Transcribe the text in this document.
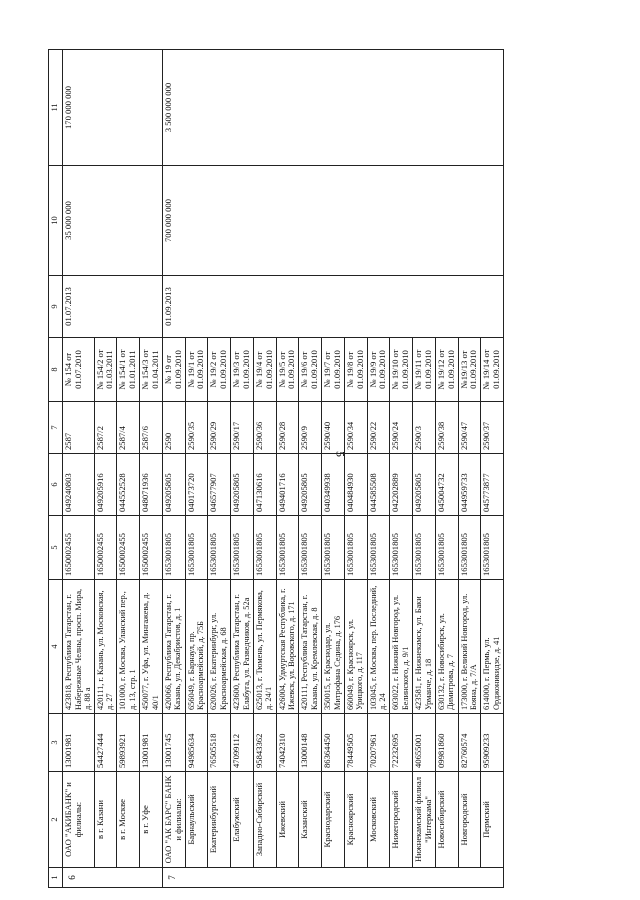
5
1	2	3	4	5	6	7	8	9	10	11
6	ОАО "АКИБАНК" и филиалы:	13001981	423818, Республика Татарстан, г. Набережные Челны, просп. Мира, д. 88 а	1650002455	049240803	2587	№ 154 от 01.07.2010	01.07.2013	35 000 000	170 000 000
	в г. Казани	54427444	420111, г. Казань, ул. Московская, д. 27	1650002455	049205916	2587/2	№ 154/2 от 01.03.2011			
	в г. Москве	59893921	101000, г. Москва, Уланский пер., д. 13, стр. 1	1650002455	044552528	2587/4	№ 154/1 от 01.01.2011			
	в г. Уфе	13001981	450077, г. Уфа, ул. Мингажева, д. 40/1	1650002455	048071936	2587/6	№ 154/3 от 01.04.2011			
7	ОАО "АК БАРС" БАНК и филиалы:	13001745	420066, Республика Татарстан, г. Казань, ул. Декабристов, д. 1	1653001805	049205805	2590	№ 19 от 01.09.2010	01.09.2013	700 000 000	3 500 000 000
	Барнаульский	94985634	656049, г. Барнаул, пр. Красноармейский, д. 75Б	1653001805	040173720	2590/35	№ 19/1 от 01.09.2010			
	Екатеринбургский	76505518	620026, г. Екатеринбург, ул. Красноармейская, д. 68	1653001805	046577907	2590/29	№ 19/2 от 01.09.2010			
	Елабужский	47099112	423600, Республика Татарстан, г. Елабуга, ул. Разведчиков, д. 52а	1653001805	049205805	2590/17	№ 19/3 от 01.09.2010			
	Западно-Сибирский	95843362	625013, г. Тюмень, ул. Пермякова, д. 24/1	1653001805	047130616	2590/36	№ 19/4 от 01.09.2010			
	Ижевский	74042310	426004, Удмуртская Республика, г. Ижевск, ул. Воровского, д. 171	1653001805	049401716	2590/28	№ 19/5 от 01.09.2010			
	Казанский	13000148	420111, Республика Татарстан, г. Казань, ул. Кремлевская, д. 8	1653001805	049205805	2590/9	№ 19/6 от 01.09.2010			
	Краснодарский	86364450	350015, г. Краснодар, ул. Митрофана Седина, д. 176	1653001805	040349938	2590/40	№ 19/7 от 01.09.2010			
	Красноярский	78449505	660049, г. Красноярск, ул. Урицкого, д. 117	1653001805	040484930	2590/34	№ 19/8 от 01.09.2010			
	Московский	70207961	103045, г. Москва, пер. Последний, д. 24	1653001805	044585508	2590/22	№ 19/9 от 01.09.2010			
	Нижегородский	72232695	603022, г. Нижний Новгород, ул. Белинского, д. 9/1	1653001805	042202889	2590/24	№ 19/10 от 01.09.2010			
	Нижнекамский филиал "Интеркама"	40655001	423581, г. Нижнекамск, ул. Баки Урманче, д. 18	1653001805	049205805	2590/3	№ 19/11 от 01.09.2010			
	Новосибирский	09981860	630132, г. Новосибирск, ул. Димитрова, д. 7	1653001805	045004732	2590/38	№ 19/12 от 01.09.2010			
	Новгородский	82760574	173000, г. Великий Новгород, ул. Бояна, д. 7/А	1653001805	044959733	2590/47	№19/13 от 01.09.2010			
	Пермский	95909233	614000, г. Пермь, ул. Орджоникидзе, д. 41	1653001805	045773877	2590/37	№ 19/14 от 01.09.2010			
